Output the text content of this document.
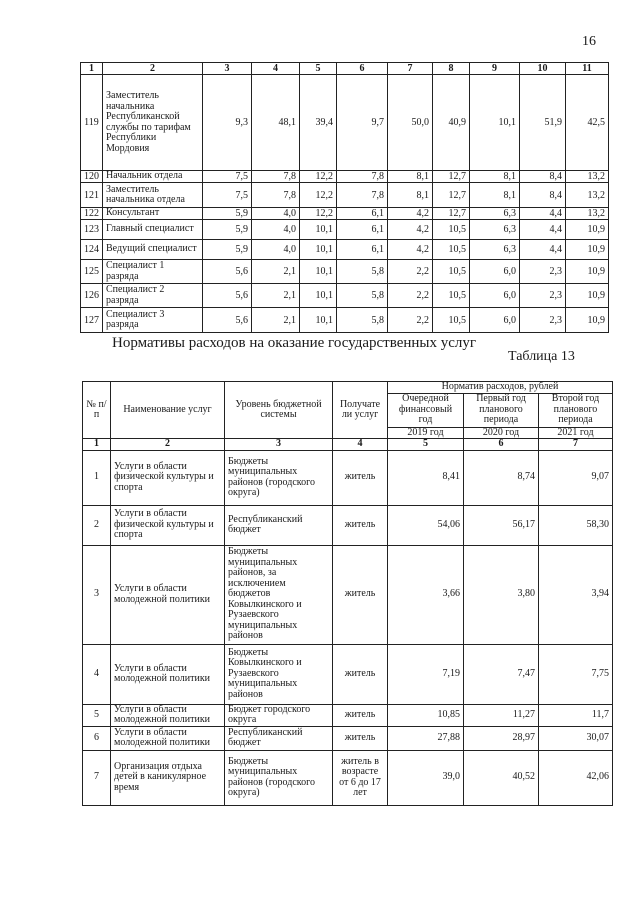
16
1	2	3	4	5	6	7	8	9	10	11
119	Заместитель начальника Республиканской службы по тарифам Республики Мордовия	9,3	48,1	39,4	9,7	50,0	40,9	10,1	51,9	42,5
120	Начальник отдела	7,5	7,8	12,2	7,8	8,1	12,7	8,1	8,4	13,2
121	Заместитель начальника отдела	7,5	7,8	12,2	7,8	8,1	12,7	8,1	8,4	13,2
122	Консультант	5,9	4,0	12,2	6,1	4,2	12,7	6,3	4,4	13,2
123	Главный специалист	5,9	4,0	10,1	6,1	4,2	10,5	6,3	4,4	10,9
124	Ведущий специалист	5,9	4,0	10,1	6,1	4,2	10,5	6,3	4,4	10,9
125	Специалист 1 разряда	5,6	2,1	10,1	5,8	2,2	10,5	6,0	2,3	10,9
126	Специалист 2 разряда	5,6	2,1	10,1	5,8	2,2	10,5	6,0	2,3	10,9
127	Специалист 3 разряда	5,6	2,1	10,1	5,8	2,2	10,5	6,0	2,3	10,9
Нормативы расходов на оказание государственных услуг
Таблица 13
№ п/п	Наименование услуг	Уровень бюджетной системы	Получате ли услуг	Норматив расходов, рублей		
				Очередной финансовый год	Первый год планового периода	Второй год планового периода
				2019 год	2020 год	2021 год
1	2	3	4	5	6	7
1	Услуги в области физической культуры и спорта	Бюджеты муниципальных районов (городского округа)	житель	8,41	8,74	9,07
2	Услуги в области физической культуры и спорта	Республиканский бюджет	житель	54,06	56,17	58,30
3	Услуги в области молодежной политики	Бюджеты муниципальных районов, за исключением бюджетов Ковылкинского и Рузаевского муниципальных районов	житель	3,66	3,80	3,94
4	Услуги в области молодежной политики	Бюджеты Ковылкинского и Рузаевского муниципальных районов	житель	7,19	7,47	7,75
5	Услуги в области молодежной политики	Бюджет городского округа	житель	10,85	11,27	11,7
6	Услуги в области молодежной политики	Республиканский бюджет	житель	27,88	28,97	30,07
7	Организация отдыха детей в каникулярное время	Бюджеты муниципальных районов (городского округа)	житель в возрасте от 6 до 17 лет	39,0	40,52	42,06
